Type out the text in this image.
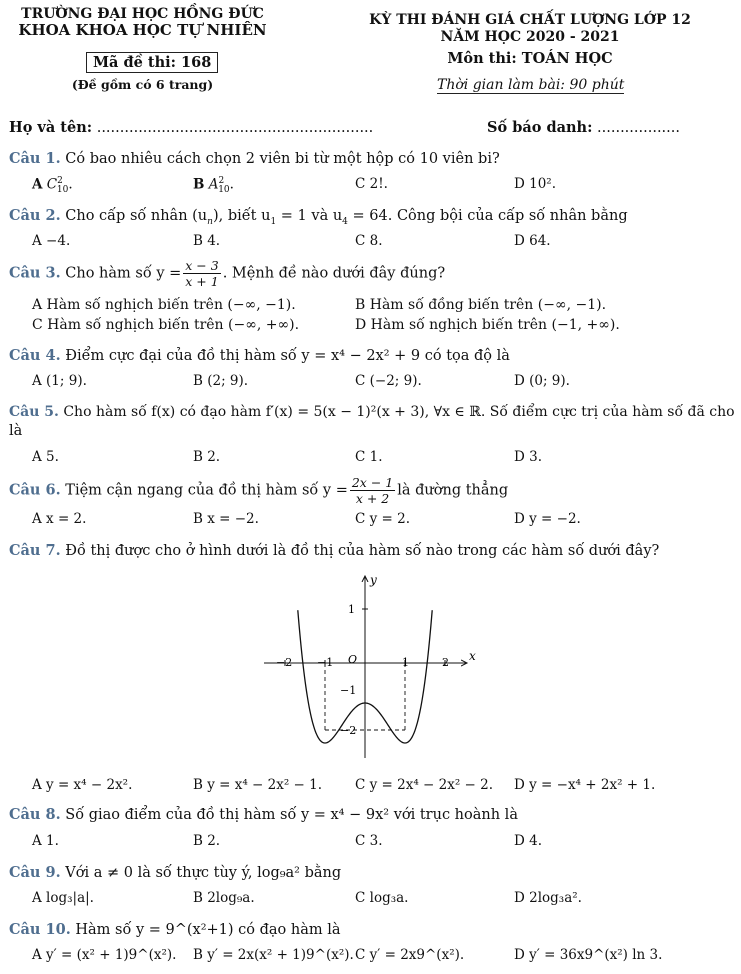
TRƯỜNG ĐẠI HỌC HỒNG ĐỨC
KHOA KHOA HỌC TỰ NHIÊN
Mã đề thi: 168
(Đề gồm có 6 trang)
KỲ THI ĐÁNH GIÁ CHẤT LƯỢNG LỚP 12
NĂM HỌC 2020 - 2021
Môn thi: TOÁN HỌC
Thời gian làm bài: 90 phút
Họ và tên: ............................................................	Số báo danh: ..................
Câu 1. Có bao nhiêu cách chọn 2 viên bi từ một hộp có 10 viên bi?
A $C^2_{10}$.	B $A^2_{10}$.	C 2!.	D 10².
Câu 2. Cho cấp số nhân $(u_n)$, biết $u_1 = 1$ và $u_4 = 64$. Công bội của cấp số nhân bằng
A −4.	B 4.	C 8.	D 64.
Câu 3. Cho hàm số $y = \frac{x - 3}{x + 1}$ . Mệnh đề nào dưới đây đúng?
A Hàm số nghịch biến trên (−∞, −1).	B Hàm số đồng biến trên (−∞, −1).
C Hàm số nghịch biến trên (−∞, +∞).	D Hàm số nghịch biến trên (−1, +∞).
Câu 4. Điểm cực đại của đồ thị hàm số y = x⁴ − 2x² + 9 có tọa độ là
A (1; 9).	B (2; 9).	C (−2; 9).	D (0; 9).
Câu 5. Cho hàm số f(x) có đạo hàm f′(x) = 5(x − 1)²(x + 3), ∀x ∈ ℝ. Số điểm cực trị của hàm số đã cho
là
A 5.	B 2.	C 1.	D 3.
Câu 6. Tiệm cận ngang của đồ thị hàm số $y = \frac{2x - 1}{x + 2}$ là đường thẳng
A x = 2.	B x = −2.	C y = 2.	D y = −2.
Câu 7. Đồ thị được cho ở hình dưới là đồ thị của hàm số nào trong các hàm số dưới đây?
x
y
O
−2 −1	1	2
1
−1
−2
A y = x⁴ − 2x².	B y = x⁴ − 2x² − 1. C y = 2x⁴ − 2x² − 2. D y = −x⁴ + 2x² + 1.
Câu 8. Số giao điểm của đồ thị hàm số y = x⁴ − 9x² với trục hoành là
A 1.	B 2.	C 3.	D 4.
Câu 9. Với a ≠ 0 là số thực tùy ý, log₉a² bằng
A log₃|a|.	B 2log₉a.	C log₃a.	D 2log₃a².
Câu 10. Hàm số y = 9^(x²+1) có đạo hàm là
A y′ = (x² + 1)9^(x²). B y′ = 2x(x² + 1)9^(x²). C y′ = 2x9^(x²).	D y′ = 36x9^(x²) ln 3.
